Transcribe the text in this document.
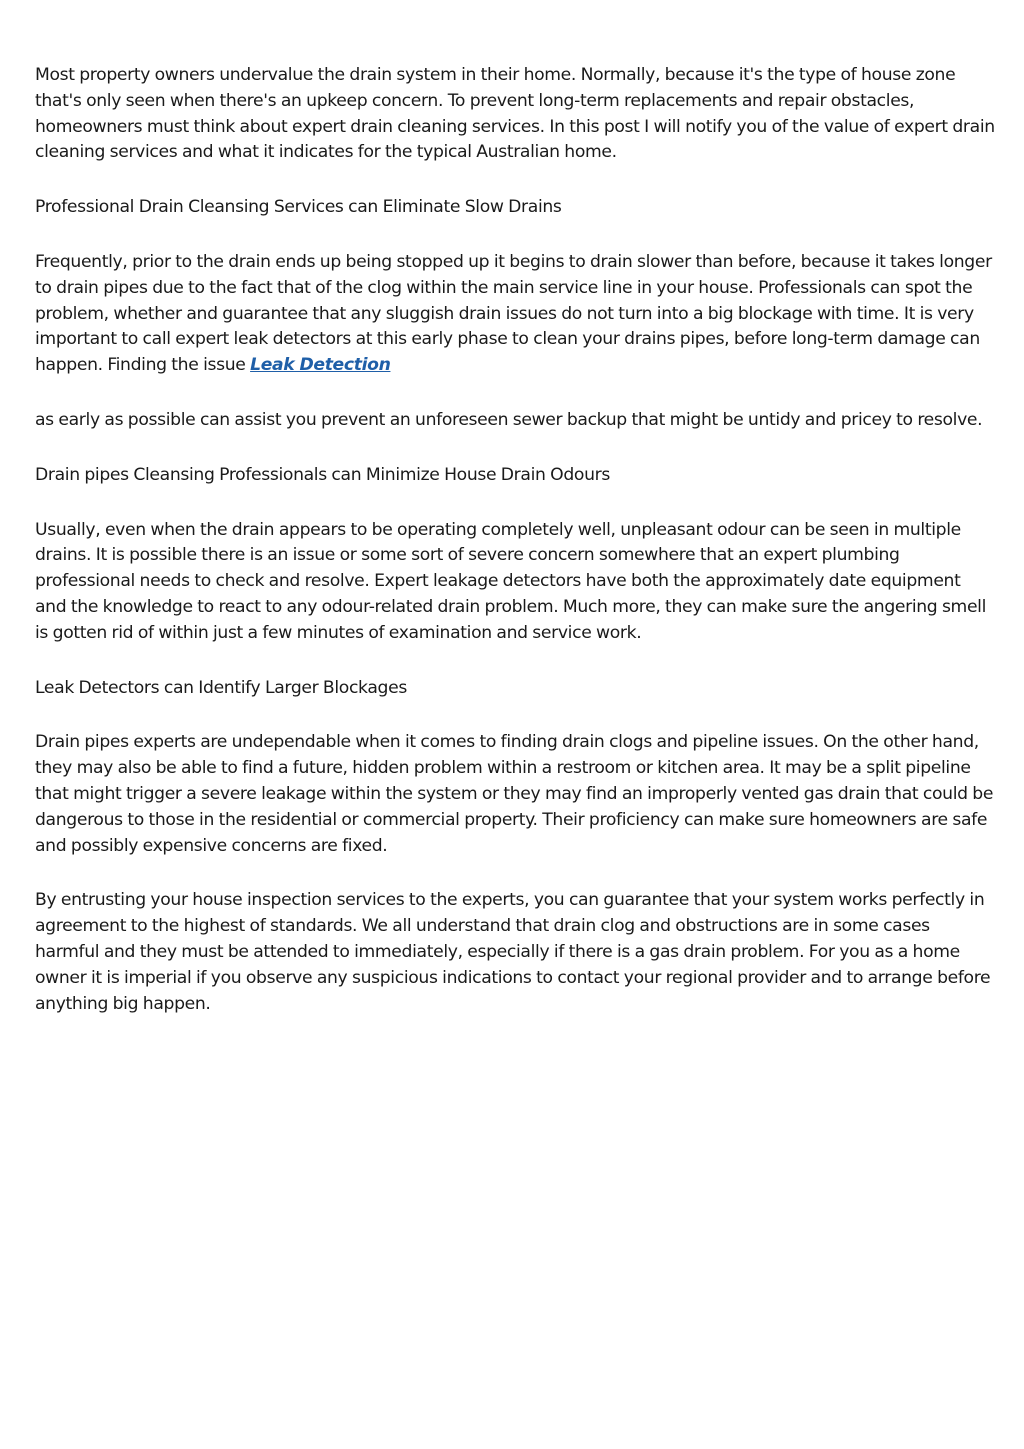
Most property owners undervalue the drain system in their home. Normally, because it's the type of house zone that's only seen when there's an upkeep concern. To prevent long-term replacements and repair obstacles, homeowners must think about expert drain cleaning services. In this post I will notify you of the value of expert drain cleaning services and what it indicates for the typical Australian home.

Professional Drain Cleansing Services can Eliminate Slow Drains

Frequently, prior to the drain ends up being stopped up it begins to drain slower than before, because it takes longer to drain pipes due to the fact that of the clog within the main service line in your house. Professionals can spot the problem, whether and guarantee that any sluggish drain issues do not turn into a big blockage with time. It is very important to call expert leak detectors at this early phase to clean your drains pipes, before long-term damage can happen. Finding the issue Leak Detection

as early as possible can assist you prevent an unforeseen sewer backup that might be untidy and pricey to resolve.

Drain pipes Cleansing Professionals can Minimize House Drain Odours

Usually, even when the drain appears to be operating completely well, unpleasant odour can be seen in multiple drains. It is possible there is an issue or some sort of severe concern somewhere that an expert plumbing professional needs to check and resolve. Expert leakage detectors have both the approximately date equipment and the knowledge to react to any odour-related drain problem. Much more, they can make sure the angering smell is gotten rid of within just a few minutes of examination and service work.

Leak Detectors can Identify Larger Blockages

Drain pipes experts are undependable when it comes to finding drain clogs and pipeline issues. On the other hand, they may also be able to find a future, hidden problem within a restroom or kitchen area. It may be a split pipeline that might trigger a severe leakage within the system or they may find an improperly vented gas drain that could be dangerous to those in the residential or commercial property. Their proficiency can make sure homeowners are safe and possibly expensive concerns are fixed.

By entrusting your house inspection services to the experts, you can guarantee that your system works perfectly in agreement to the highest of standards. We all understand that drain clog and obstructions are in some cases harmful and they must be attended to immediately, especially if there is a gas drain problem. For you as a home owner it is imperial if you observe any suspicious indications to contact your regional provider and to arrange before anything big happen.
